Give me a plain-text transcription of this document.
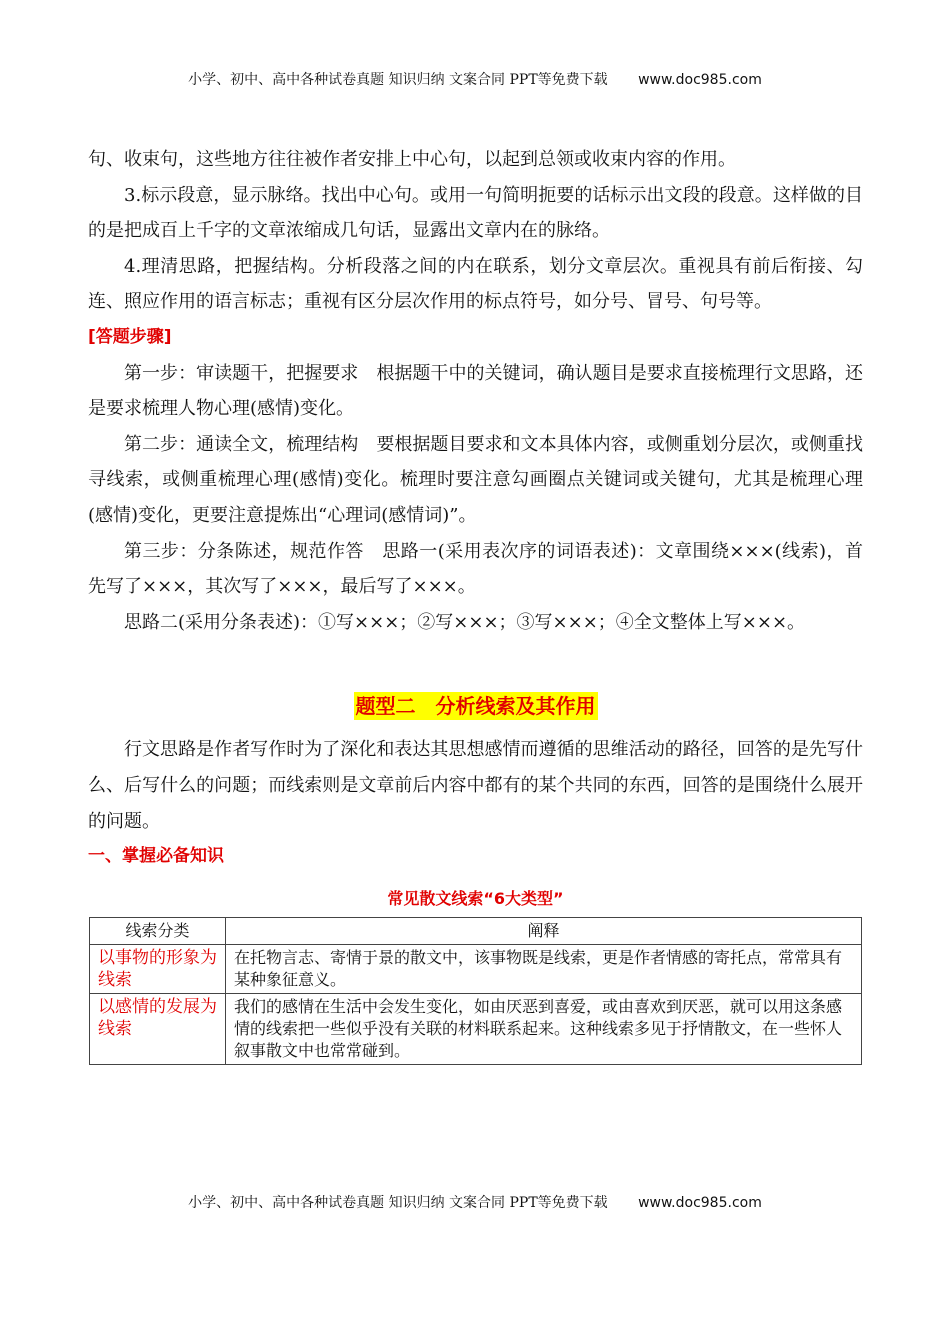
小学、初中、高中各种试卷真题 知识归纳 文案合同 PPT等免费下载 www.doc985.com

句、收束句，这些地方往往被作者安排上中心句，以起到总领或收束内容的作用。

3.标示段意，显示脉络。找出中心句。或用一句简明扼要的话标示出文段的段意。这样做的目的是把成百上千字的文章浓缩成几句话，显露出文章内在的脉络。

4.理清思路，把握结构。分析段落之间的内在联系，划分文章层次。重视具有前后衔接、勾连、照应作用的语言标志；重视有区分层次作用的标点符号，如分号、冒号、句号等。

[答题步骤]

第一步：审读题干，把握要求　根据题干中的关键词，确认题目是要求直接梳理行文思路，还是要求梳理人物心理(感情)变化。

第二步：通读全文，梳理结构　要根据题目要求和文本具体内容，或侧重划分层次，或侧重找寻线索，或侧重梳理心理(感情)变化。梳理时要注意勾画圈点关键词或关键句，尤其是梳理心理(感情)变化，更要注意提炼出“心理词(感情词)”。

第三步：分条陈述，规范作答　思路一(采用表次序的词语表述)：文章围绕×××(线索)，首先写了×××，其次写了×××，最后写了×××。

思路二(采用分条表述)：①写×××；②写×××；③写×××；④全文整体上写×××。

题型二　分析线索及其作用

行文思路是作者写作时为了深化和表达其思想感情而遵循的思维活动的路径，回答的是先写什么、后写什么的问题；而线索则是文章前后内容中都有的某个共同的东西，回答的是围绕什么展开的问题。

一、掌握必备知识

常见散文线索“6大类型”
线索分类	阐释
以事物的形象为线索	在托物言志、寄情于景的散文中，该事物既是线索，更是作者情感的寄托点，常常具有某种象征意义。
以感情的发展为线索	我们的感情在生活中会发生变化，如由厌恶到喜爱，或由喜欢到厌恶，就可以用这条感情的线索把一些似乎没有关联的材料联系起来。这种线索多见于抒情散文，在一些怀人叙事散文中也常常碰到。
小学、初中、高中各种试卷真题 知识归纳 文案合同 PPT等免费下载 www.doc985.com
